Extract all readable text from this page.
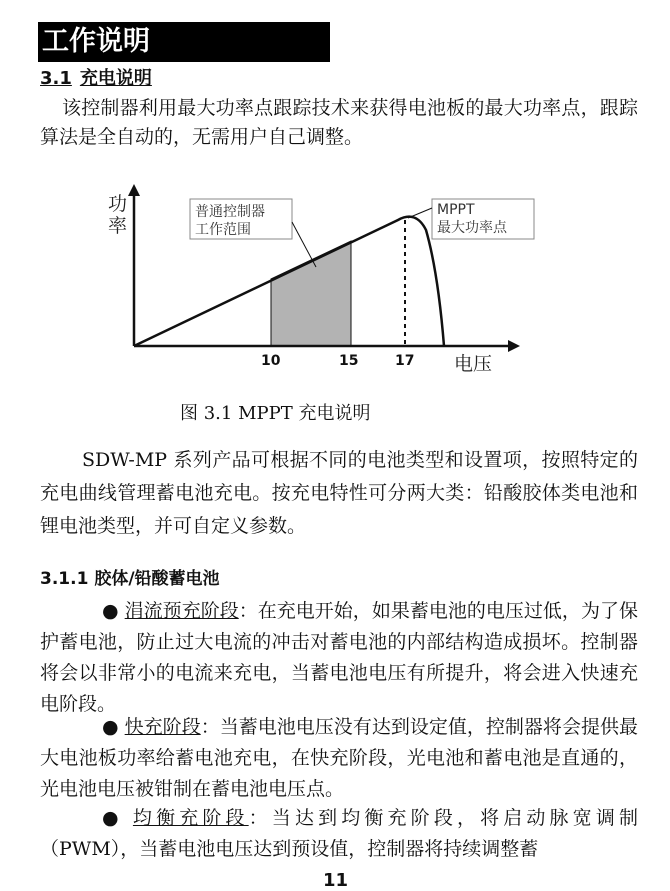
工作说明
3.1 充电说明

该控制器利用最大功率点跟踪技术来获得电池板的最大功率点，跟踪算法是全自动的，无需用户自己调整。

功
率
普通控制器
工作范围
MPPT
最大功率点
10	15	17 电压
图 3.1 MPPT 充电说明

SDW-MP 系列产品可根据不同的电池类型和设置项，按照特定的充电曲线管理蓄电池充电。按充电特性可分两大类：铅酸胶体类电池和锂电池类型，并可自定义参数。

3.1.1 胶体/铅酸蓄电池

● 涓流预充阶段：在充电开始，如果蓄电池的电压过低，为了保护蓄电池，防止过大电流的冲击对蓄电池的内部结构造成损坏。控制器将会以非常小的电流来充电，当蓄电池电压有所提升，将会进入快速充电阶段。

● 快充阶段：当蓄电池电压没有达到设定值，控制器将会提供最大电池板功率给蓄电池充电，在快充阶段，光电池和蓄电池是直通的，光电池电压被钳制在蓄电池电压点。

● 均衡充阶段：当达到均衡充阶段，将启动脉宽调制（PWM），当蓄电池电压达到预设值，控制器将持续调整蓄

11
